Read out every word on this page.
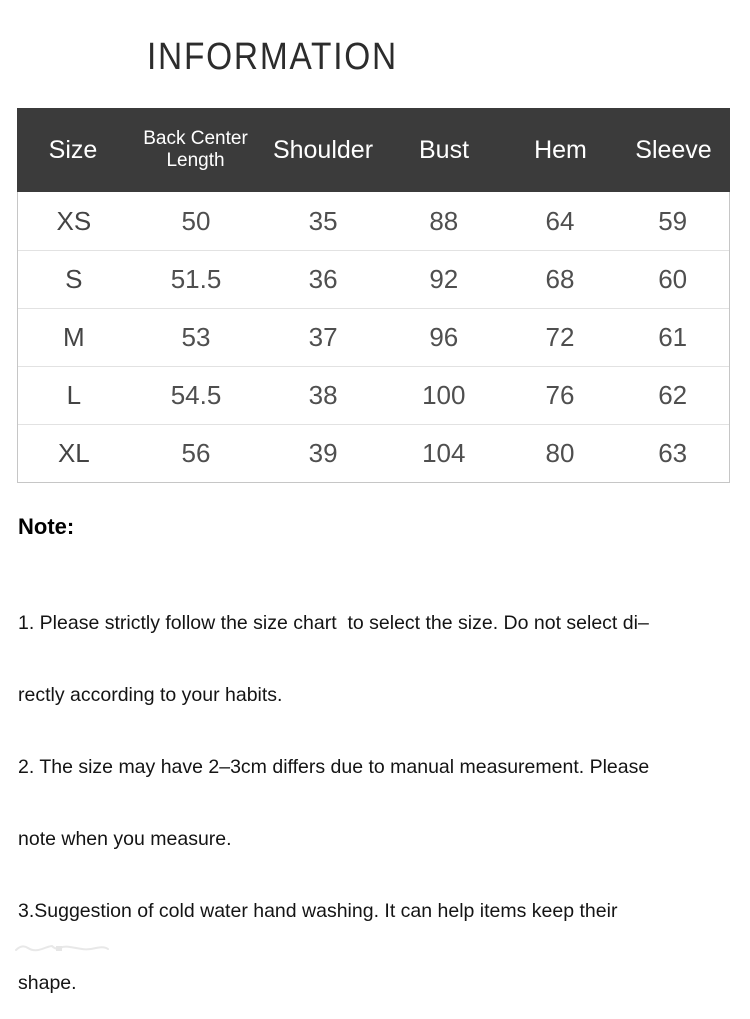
INFORMATION
Size	Back Center Length	Shoulder	Bust	Hem	Sleeve
XS	50	35	88	64	59
S	51.5	36	92	68	60
M	53	37	96	72	61
L	54.5	38	100	76	62
XL	56	39	104	80	63
Note:

1. Please strictly follow the size chart  to select the size. Do not select di–

rectly according to your habits.

2. The size may have 2–3cm differs due to manual measurement. Please

note when you measure.

3.Suggestion of cold water hand washing. It can help items keep their

shape.
